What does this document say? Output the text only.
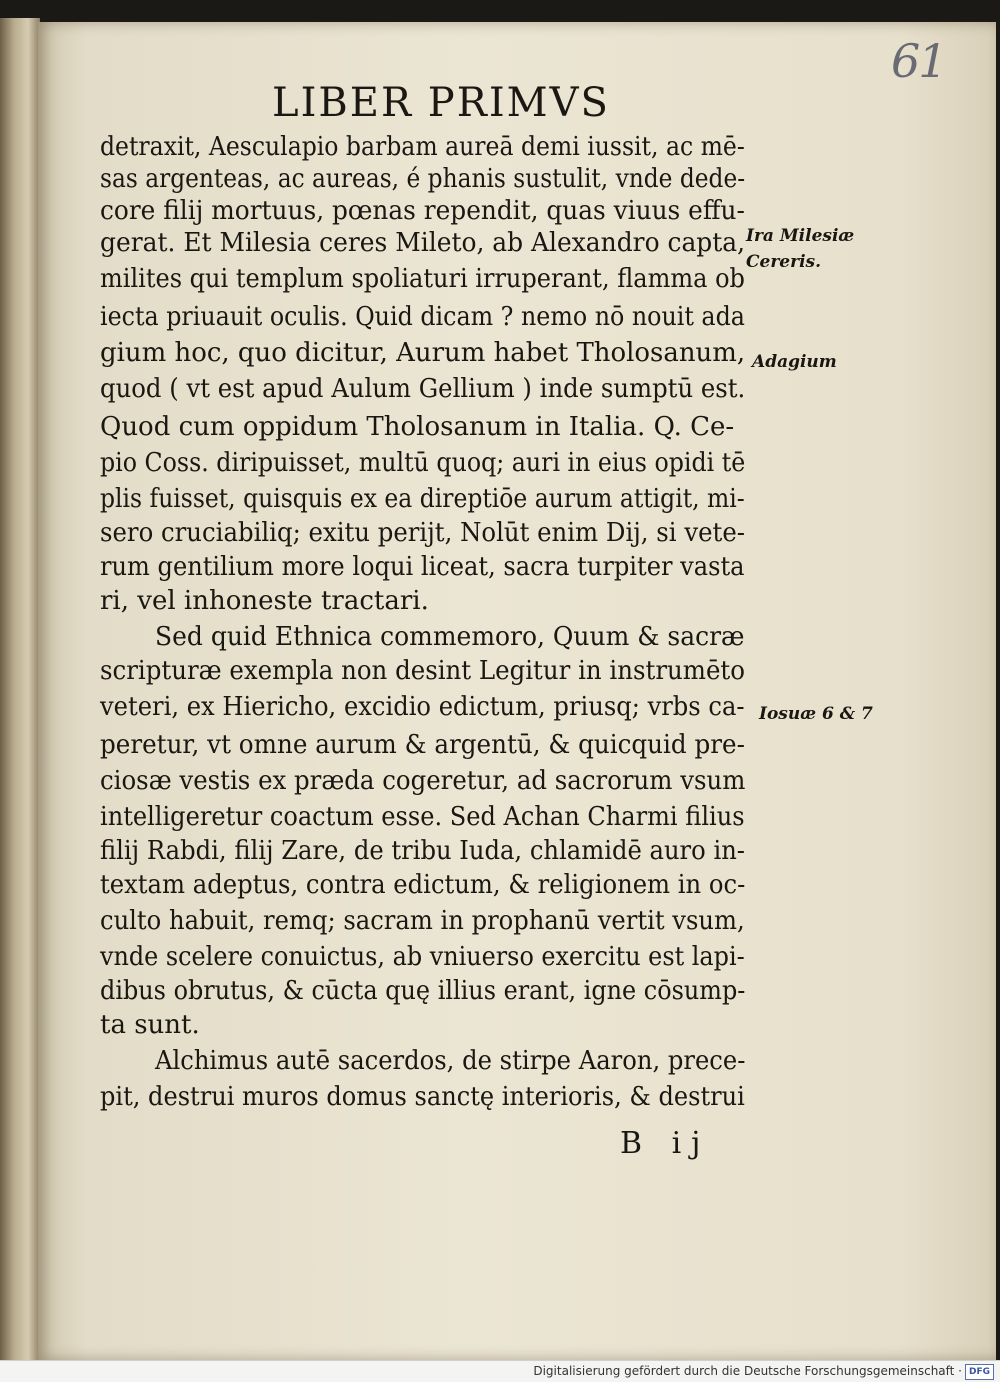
61
LIBER PRIMVS
detraxit, Aesculapio barbam aureā demi iussit, ac mē-
sas argenteas, ac aureas, é phanis sustulit, vnde dede-
core filij mortuus, pœnas rependit, quas viuus effu-
gerat. Et Milesia ceres Mileto, ab Alexandro capta,
milites qui templum spoliaturi irruperant, flamma ob
iecta priuauit oculis. Quid dicam ? nemo nō nouit ada
gium hoc, quo dicitur, Aurum habet Tholosanum,
quod ( vt est apud Aulum Gellium ) inde sumptū est.
Quod cum oppidum Tholosanum in Italia. Q. Ce-
pio Coss. diripuisset, multū quoq; auri in eius opidi tē
plis fuisset, quisquis ex ea direptiōe aurum attigit, mi-
sero cruciabiliq; exitu perijt, Nolūt enim Dij, si vete-
rum gentilium more loqui liceat, sacra turpiter vasta
ri, vel inhoneste tractari.
Sed quid Ethnica commemoro, Quum & sacræ
scripturæ exempla non desint Legitur in instrumēto
veteri, ex Hiericho, excidio edictum, priusq; vrbs ca-
peretur, vt omne aurum & argentū, & quicquid pre-
ciosæ vestis ex præda cogeretur, ad sacrorum vsum
intelligeretur coactum esse. Sed Achan Charmi filius
filij Rabdi, filij Zare, de tribu Iuda, chlamidē auro in-
textam adeptus, contra edictum, & religionem in oc-
culto habuit, remq; sacram in prophanū vertit vsum,
vnde scelere conuictus, ab vniuerso exercitu est lapi-
dibus obrutus, & cūcta quę illius erant, igne cōsump-
ta sunt.
Alchimus autē sacerdos, de stirpe Aaron, prece-
pit, destrui muros domus sanctę interioris, & destrui
Ira Milesiæ
Cereris.
Adagium
Iosuæ 6 & 7
B ij
Digitalisierung gefördert durch die Deutsche Forschungsgemeinschaft · DFG
